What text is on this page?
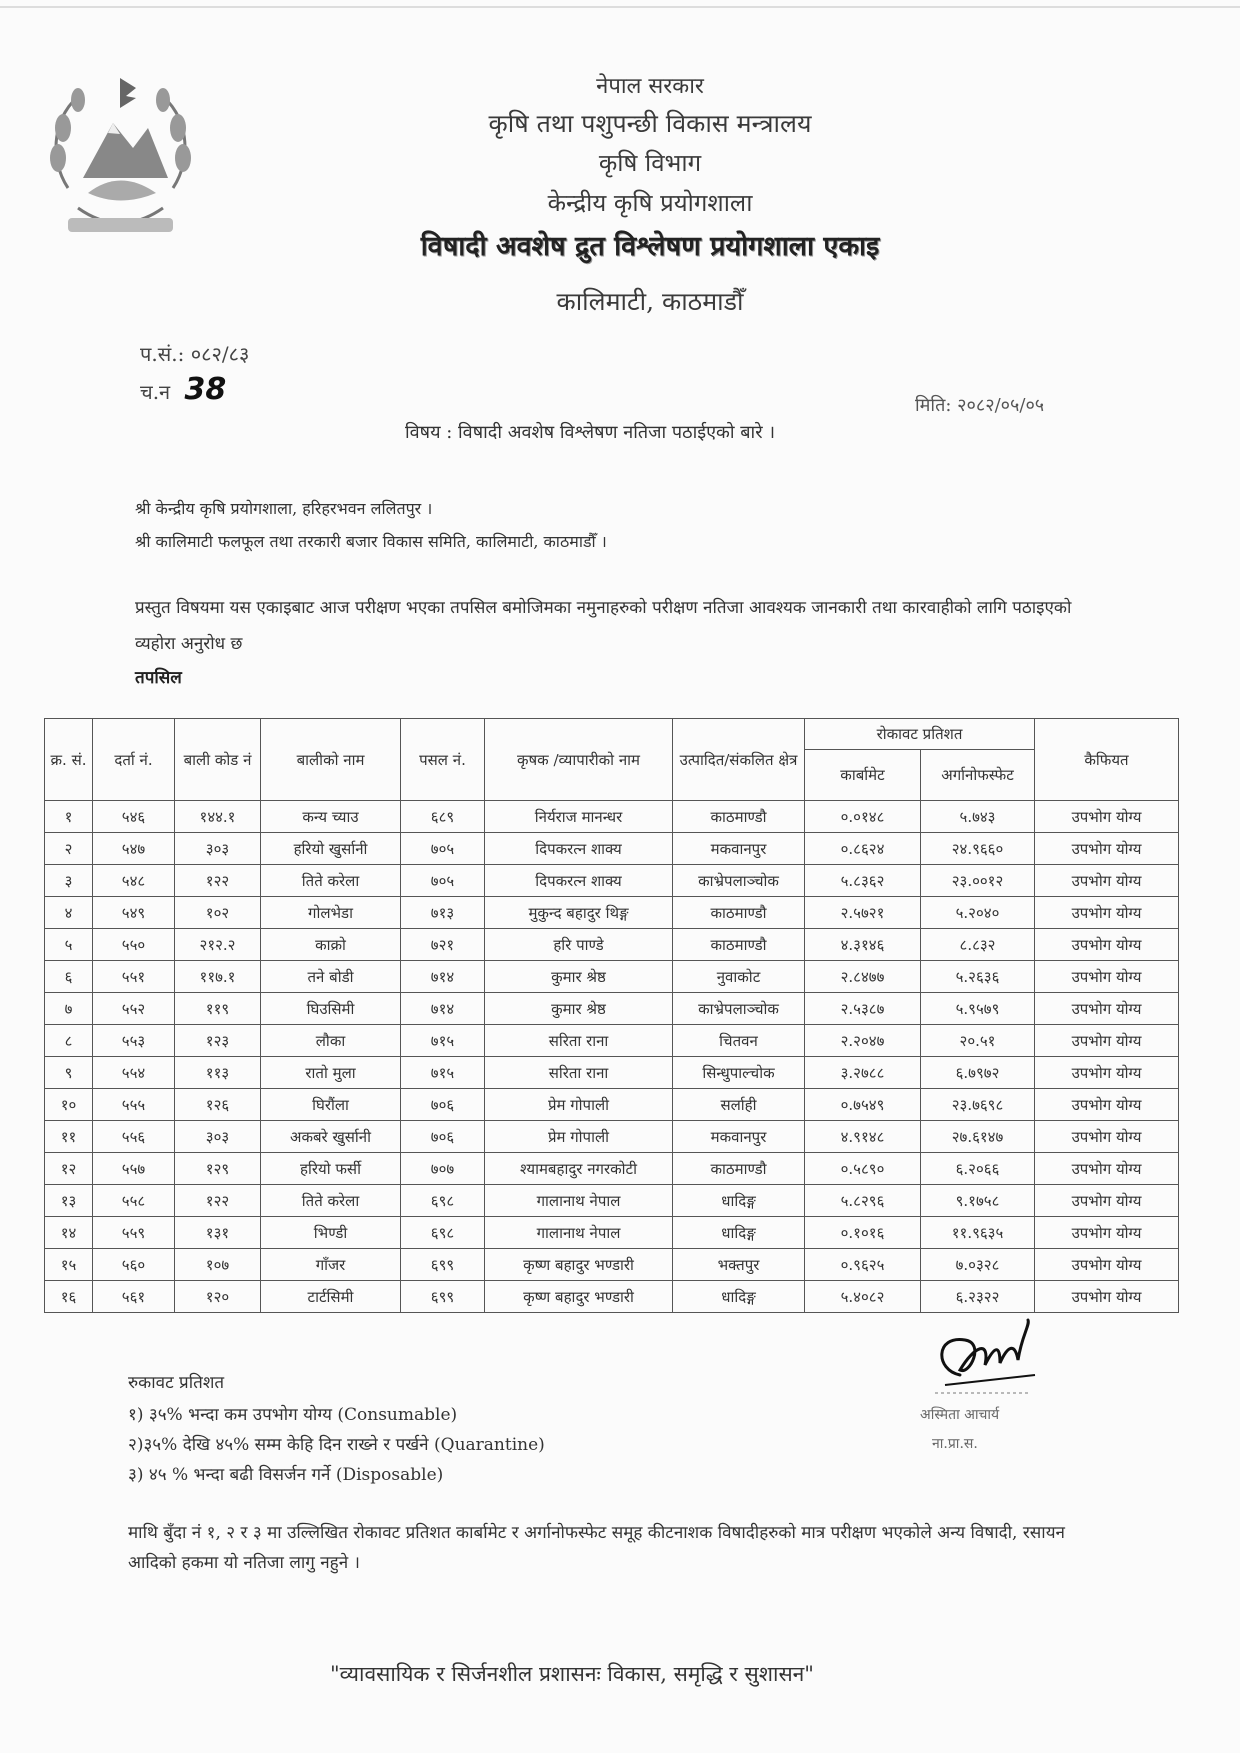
नेपाल सरकार
कृषि तथा पशुपन्छी विकास मन्त्रालय
कृषि विभाग
केन्द्रीय कृषि प्रयोगशाला
विषादी अवशेष द्रुत विश्लेषण प्रयोगशाला एकाइ
कालिमाटी, काठमाडौँ
प.सं.: ०८२/८३
च.न 38	मिति: २०८२/०५/०५
विषय : विषादी अवशेष विश्लेषण नतिजा पठाईएको बारे ।
श्री केन्द्रीय कृषि प्रयोगशाला, हरिहरभवन ललितपुर ।
श्री कालिमाटी फलफूल तथा तरकारी बजार विकास समिति, कालिमाटी, काठमाडौँ ।
प्रस्तुत विषयमा यस एकाइबाट आज परीक्षण भएका तपसिल बमोजिमका नमुनाहरुको परीक्षण नतिजा आवश्यक जानकारी तथा कारवाहीको लागि पठाइएको व्यहोरा अनुरोध छ
तपसिल
क्र. सं.	दर्ता नं.	बाली कोड नं	बालीको नाम	पसल नं.	कृषक /व्यापारीको नाम	उत्पादित/संकलित क्षेत्र	रोकावट प्रतिशत		कैफियत
							कार्बामेट	अर्गानोफस्फेट	
१	५४६	१४४.१	कन्य च्याउ	६८९	निर्यराज मानन्धर	काठमाण्डौ	०.०१४८	५.७४३	उपभोग योग्य
२	५४७	३०३	हरियो खुर्सानी	७०५	दिपकरत्न शाक्य	मकवानपुर	०.८६२४	२४.९६६०	उपभोग योग्य
३	५४८	१२२	तिते करेला	७०५	दिपकरत्न शाक्य	काभ्रेपलाञ्चोक	५.८३६२	२३.००१२	उपभोग योग्य
४	५४९	१०२	गोलभेडा	७१३	मुकुन्द बहादुर थिङ्ग	काठमाण्डौ	२.५७२१	५.२०४०	उपभोग योग्य
५	५५०	२१२.२	काक्रो	७२१	हरि पाण्डे	काठमाण्डौ	४.३१४६	८.८३२	उपभोग योग्य
६	५५१	११७.१	तने बोडी	७१४	कुमार श्रेष्ठ	नुवाकोट	२.८४७७	५.२६३६	उपभोग योग्य
७	५५२	११९	घिउसिमी	७१४	कुमार श्रेष्ठ	काभ्रेपलाञ्चोक	२.५३८७	५.९५७९	उपभोग योग्य
८	५५३	१२३	लौका	७१५	सरिता राना	चितवन	२.२०४७	२०.५१	उपभोग योग्य
९	५५४	११३	रातो मुला	७१५	सरिता राना	सिन्धुपाल्चोक	३.२७८८	६.७९७२	उपभोग योग्य
१०	५५५	१२६	घिरौंला	७०६	प्रेम गोपाली	सर्लाही	०.७५४९	२३.७६९८	उपभोग योग्य
११	५५६	३०३	अकबरे खुर्सानी	७०६	प्रेम गोपाली	मकवानपुर	४.९१४८	२७.६१४७	उपभोग योग्य
१२	५५७	१२९	हरियो फर्सी	७०७	श्यामबहादुर नगरकोटी	काठमाण्डौ	०.५८९०	६.२०६६	उपभोग योग्य
१३	५५८	१२२	तिते करेला	६९८	गालानाथ नेपाल	धादिङ्ग	५.८२९६	९.१७५८	उपभोग योग्य
१४	५५९	१३१	भिण्डी	६९८	गालानाथ नेपाल	धादिङ्ग	०.१०१६	११.९६३५	उपभोग योग्य
१५	५६०	१०७	गाँजर	६९९	कृष्ण बहादुर भण्डारी	भक्तपुर	०.९६२५	७.०३२८	उपभोग योग्य
१६	५६१	१२०	टार्टसिमी	६९९	कृष्ण बहादुर भण्डारी	धादिङ्ग	५.४०८२	६.२३२२	उपभोग योग्य
रुकावट प्रतिशत
१) ३५% भन्दा कम उपभोग योग्य (Consumable)
२)३५% देखि ४५% सम्म केहि दिन राख्ने र पर्खने (Quarantine)
३) ४५ % भन्दा बढी विसर्जन गर्ने (Disposable)
अस्मिता आचार्य
ना.प्रा.स.
माथि बुँदा नं १, २ र ३ मा उल्लिखित रोकावट प्रतिशत कार्बामेट र अर्गानोफस्फेट समूह कीटनाशक विषादीहरुको मात्र परीक्षण भएकोले अन्य विषादी, रसायन आदिको हकमा यो नतिजा लागु नहुने ।
"व्यावसायिक र सिर्जनशील प्रशासनः विकास, समृद्धि र सुशासन"
